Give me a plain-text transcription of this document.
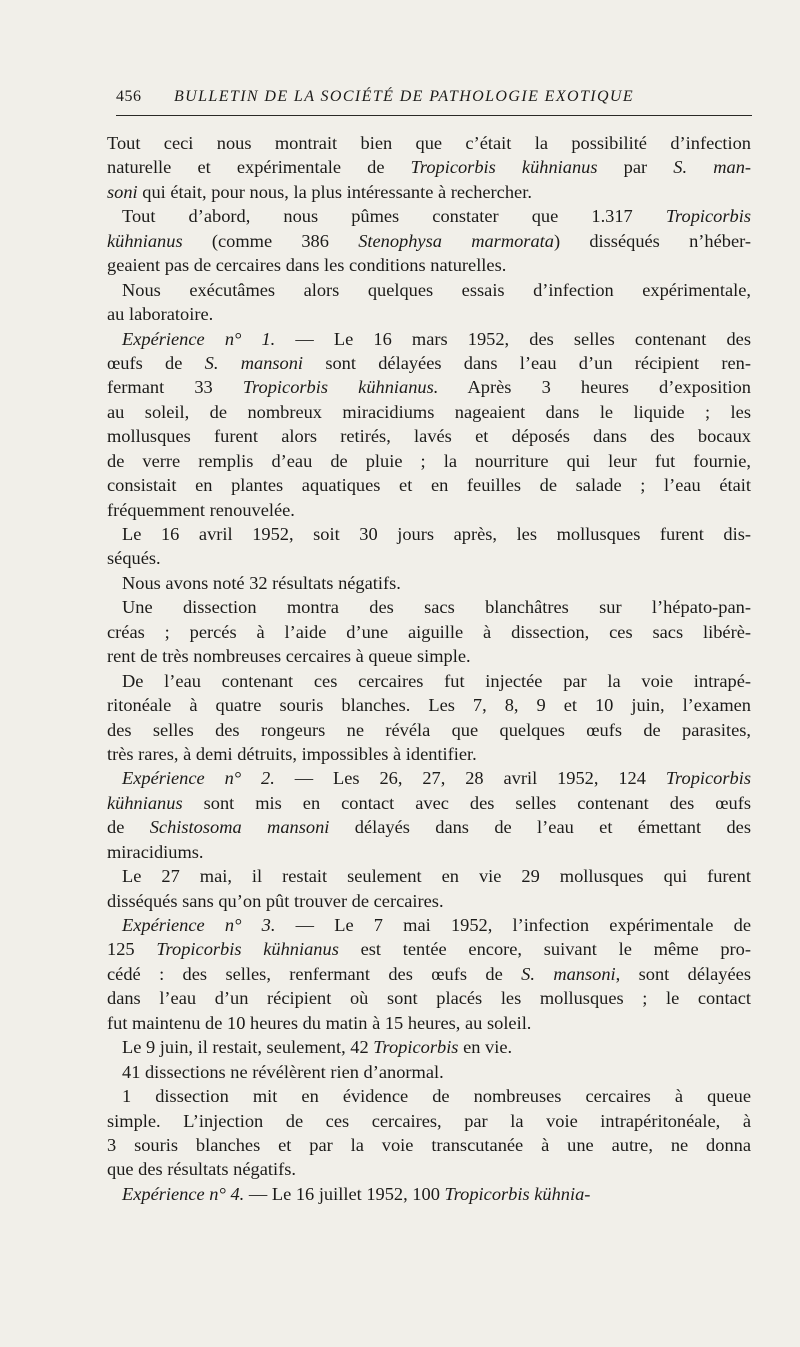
456 BULLETIN DE LA SOCIÉTÉ DE PATHOLOGIE EXOTIQUE
Tout ceci nous montrait bien que c’était la possibilité d’infection
naturelle et expérimentale de Tropicorbis kühnianus par S. man-
soni qui était, pour nous, la plus intéressante à rechercher.
Tout d’abord, nous pûmes constater que 1.317 Tropicorbis
kühnianus (comme 386 Stenophysa marmorata) disséqués n’héber-
geaient pas de cercaires dans les conditions naturelles.
Nous exécutâmes alors quelques essais d’infection expérimentale,
au laboratoire.
Expérience n° 1. — Le 16 mars 1952, des selles contenant des
œufs de S. mansoni sont délayées dans l’eau d’un récipient ren-
fermant 33 Tropicorbis kühnianus. Après 3 heures d’exposition
au soleil, de nombreux miracidiums nageaient dans le liquide ; les
mollusques furent alors retirés, lavés et déposés dans des bocaux
de verre remplis d’eau de pluie ; la nourriture qui leur fut fournie,
consistait en plantes aquatiques et en feuilles de salade ; l’eau était
fréquemment renouvelée.
Le 16 avril 1952, soit 30 jours après, les mollusques furent dis-
séqués.
Nous avons noté 32 résultats négatifs.
Une dissection montra des sacs blanchâtres sur l’hépato-pan-
créas ; percés à l’aide d’une aiguille à dissection, ces sacs libérè-
rent de très nombreuses cercaires à queue simple.
De l’eau contenant ces cercaires fut injectée par la voie intrapé-
ritonéale à quatre souris blanches. Les 7, 8, 9 et 10 juin, l’examen
des selles des rongeurs ne révéla que quelques œufs de parasites,
très rares, à demi détruits, impossibles à identifier.
Expérience n° 2. — Les 26, 27, 28 avril 1952, 124 Tropicorbis
kühnianus sont mis en contact avec des selles contenant des œufs
de Schistosoma mansoni délayés dans de l’eau et émettant des
miracidiums.
Le 27 mai, il restait seulement en vie 29 mollusques qui furent
disséqués sans qu’on pût trouver de cercaires.
Expérience n° 3. — Le 7 mai 1952, l’infection expérimentale de
125 Tropicorbis kühnianus est tentée encore, suivant le même pro-
cédé : des selles, renfermant des œufs de S. mansoni, sont délayées
dans l’eau d’un récipient où sont placés les mollusques ; le contact
fut maintenu de 10 heures du matin à 15 heures, au soleil.
Le 9 juin, il restait, seulement, 42 Tropicorbis en vie.
41 dissections ne révélèrent rien d’anormal.
1 dissection mit en évidence de nombreuses cercaires à queue
simple. L’injection de ces cercaires, par la voie intrapéritonéale, à
3 souris blanches et par la voie transcutanée à une autre, ne donna
que des résultats négatifs.
Expérience n° 4. — Le 16 juillet 1952, 100 Tropicorbis kühnia-
